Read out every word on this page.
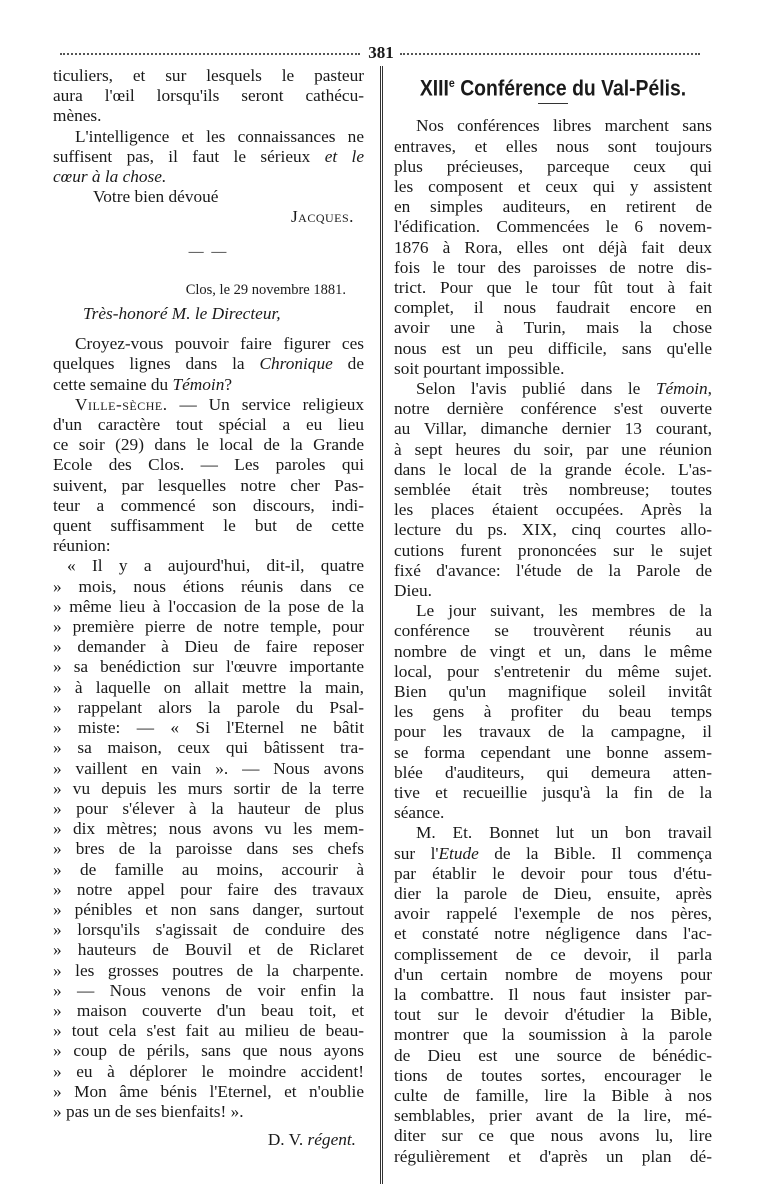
381
ticuliers, et sur lesquels le pasteur
aura l'œil lorsqu'ils seront cathécu-
mènes.
L'intelligence et les connaissances ne
suffisent pas, il faut le sérieux et le
cœur à la chose.
Votre bien dévoué
Jacques.
— —
Clos, le 29 novembre 1881.
Très-honoré M. le Directeur,
Croyez-vous pouvoir faire figurer ces
quelques lignes dans la Chronique de
cette semaine du Témoin?
Ville-sèche. — Un service religieux
d'un caractère tout spécial a eu lieu
ce soir (29) dans le local de la Grande
Ecole des Clos. — Les paroles qui
suivent, par lesquelles notre cher Pas-
teur a commencé son discours, indi-
quent suffisamment le but de cette
réunion:
« Il y a aujourd'hui, dit-il, quatre
» mois, nous étions réunis dans ce
» même lieu à l'occasion de la pose de la
» première pierre de notre temple, pour
» demander à Dieu de faire reposer
» sa benédiction sur l'œuvre importante
» à laquelle on allait mettre la main,
» rappelant alors la parole du Psal-
» miste: — « Si l'Eternel ne bâtit
» sa maison, ceux qui bâtissent tra-
» vaillent en vain ». — Nous avons
» vu depuis les murs sortir de la terre
» pour s'élever à la hauteur de plus
» dix mètres; nous avons vu les mem-
» bres de la paroisse dans ses chefs
» de famille au moins, accourir à
» notre appel pour faire des travaux
» pénibles et non sans danger, surtout
» lorsqu'ils s'agissait de conduire des
» hauteurs de Bouvil et de Riclaret
» les grosses poutres de la charpente.
» — Nous venons de voir enfin la
» maison couverte d'un beau toit, et
» tout cela s'est fait au milieu de beau-
» coup de périls, sans que nous ayons
» eu à déplorer le moindre accident!
» Mon âme bénis l'Eternel, et n'oublie
» pas un de ses bienfaits! ».
D. V. régent.
XIIIe Conférence du Val-Pélis.
Nos conférences libres marchent sans
entraves, et elles nous sont toujours
plus précieuses, parceque ceux qui
les composent et ceux qui y assistent
en simples auditeurs, en retirent de
l'édification. Commencées le 6 novem-
1876 à Rora, elles ont déjà fait deux
fois le tour des paroisses de notre dis-
trict. Pour que le tour fût tout à fait
complet, il nous faudrait encore en
avoir une à Turin, mais la chose
nous est un peu difficile, sans qu'elle
soit pourtant impossible.
Selon l'avis publié dans le Témoin,
notre dernière conférence s'est ouverte
au Villar, dimanche dernier 13 courant,
à sept heures du soir, par une réunion
dans le local de la grande école. L'as-
semblée était très nombreuse; toutes
les places étaient occupées. Après la
lecture du ps. XIX, cinq courtes allo-
cutions furent prononcées sur le sujet
fixé d'avance: l'étude de la Parole de
Dieu.
Le jour suivant, les membres de la
conférence se trouvèrent réunis au
nombre de vingt et un, dans le même
local, pour s'entretenir du même sujet.
Bien qu'un magnifique soleil invitât
les gens à profiter du beau temps
pour les travaux de la campagne, il
se forma cependant une bonne assem-
blée d'auditeurs, qui demeura atten-
tive et recueillie jusqu'à la fin de la
séance.
M. Et. Bonnet lut un bon travail
sur l'Etude de la Bible. Il commença
par établir le devoir pour tous d'étu-
dier la parole de Dieu, ensuite, après
avoir rappelé l'exemple de nos pères,
et constaté notre négligence dans l'ac-
complissement de ce devoir, il parla
d'un certain nombre de moyens pour
la combattre. Il nous faut insister par-
tout sur le devoir d'étudier la Bible,
montrer que la soumission à la parole
de Dieu est une source de bénédic-
tions de toutes sortes, encourager le
culte de famille, lire la Bible à nos
semblables, prier avant de la lire, mé-
diter sur ce que nous avons lu, lire
régulièrement et d'après un plan dé-
